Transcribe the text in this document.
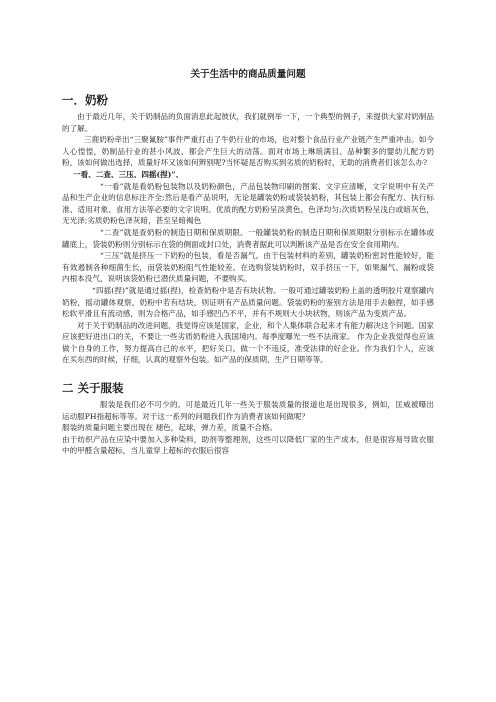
关于生活中的商品质量问题
一．奶粉

由于最近几年，关于奶制品的负面消息此起彼伏，我们就例举一下，一个典型的例子，来提供大家对奶制品的了解。

三鹿奶粉牵出“三聚氰胺”事件严重打击了牛奶行业的市场，也对整个食品行业产业链产生严重冲击。如今人心惶惶，奶制品行业的甚小风波，都会产生巨大的动荡。面对市场上琳琅满目、品种繁多的婴幼儿配方奶粉，该如何做出选择，质量好坏又该如何辨别呢?当怀疑是否购买到劣质的奶粉时，无助的消费者们该怎么办?

一看、二查、三压、四摇(捏)”、

“一看”就是看奶粉包装物以及奶粉颜色，产品包装物印刷的图案、文字应清晰，文字说明中有关产品和生产企业的信息标注齐全;然后是看产品说明，无论是罐装奶粉或袋装奶粉，其包装上都会有配方、执行标准、适用对象、食用方法等必要的文字说明。优质的配方奶粉呈淡黄色，色泽均匀;次质奶粉呈浅白或暗灰色，无光泽;劣质奶粉色泽灰暗，甚至呈暗褐色

“二查”就是查奶粉的制造日期和保质期限。一般罐装奶粉的制造日期和保质期限分别标示在罐体或罐底上，袋装奶粉则分别标示在袋的侧面或封口处，消费者据此可以判断该产品是否在安全食用期内。

“三压”就是挤压一下奶粉的包装，看是否漏气。由于包装材料的差别，罐装奶粉密封性能较好，能有效遏制各种细菌生长，而袋装奶粉阻气性能较差。在选购袋装奶粉时，双手挤压一下，如果漏气、漏粉或袋内根本没气，说明该袋奶粉已潜伏质量问题，不要购买。

“四摇(捏)”就是通过摇(捏)，检查奶粉中是否有块状物。一般可通过罐装奶粉上盖的透明胶片观察罐内奶粉，摇动罐体观察，奶粉中若有结块，则证明有产品质量问题。袋装奶粉的鉴别方法是用手去触捏，如手感松软平滑且有流动感，则为合格产品，如手感凹凸不平，并有不规则大小块状物，则该产品为变质产品。

对于关于奶制品的改进问题，我觉得应该是国家，企业，和个人集体联合起来才有能力解决这个问题。国家应该把好进出口的关，不要让一些劣质奶粉进入我国境内。每季度曝光一些不法商家。 作为企业我觉得也应该做个自身的工作，努力提高自己的水平，把好关口。做一个不违反，准受法律的好企业。作为我们个人，应该在买东西的时候，仔细，认真的观察外包装。如产品的保质期，生产日期等等。

二 关于服装

服装是我们必不可少的。可是最近几年一些关于服装质量的报道也是出现很多，例如，匡威被曝出运动服PH指超标等等。对于这一系列的问题我们作为消费者该如何做呢？

服装的质量问题主要出现在 褪色，起球，弹力差，质量不合格。

由于纺织产品在应染中要加入多种染料，助剂等整理剂，这些可以降低厂家的生产成本，但是很容易导致衣服中的甲醛含量超标，当儿童穿上超标的衣服后很容
